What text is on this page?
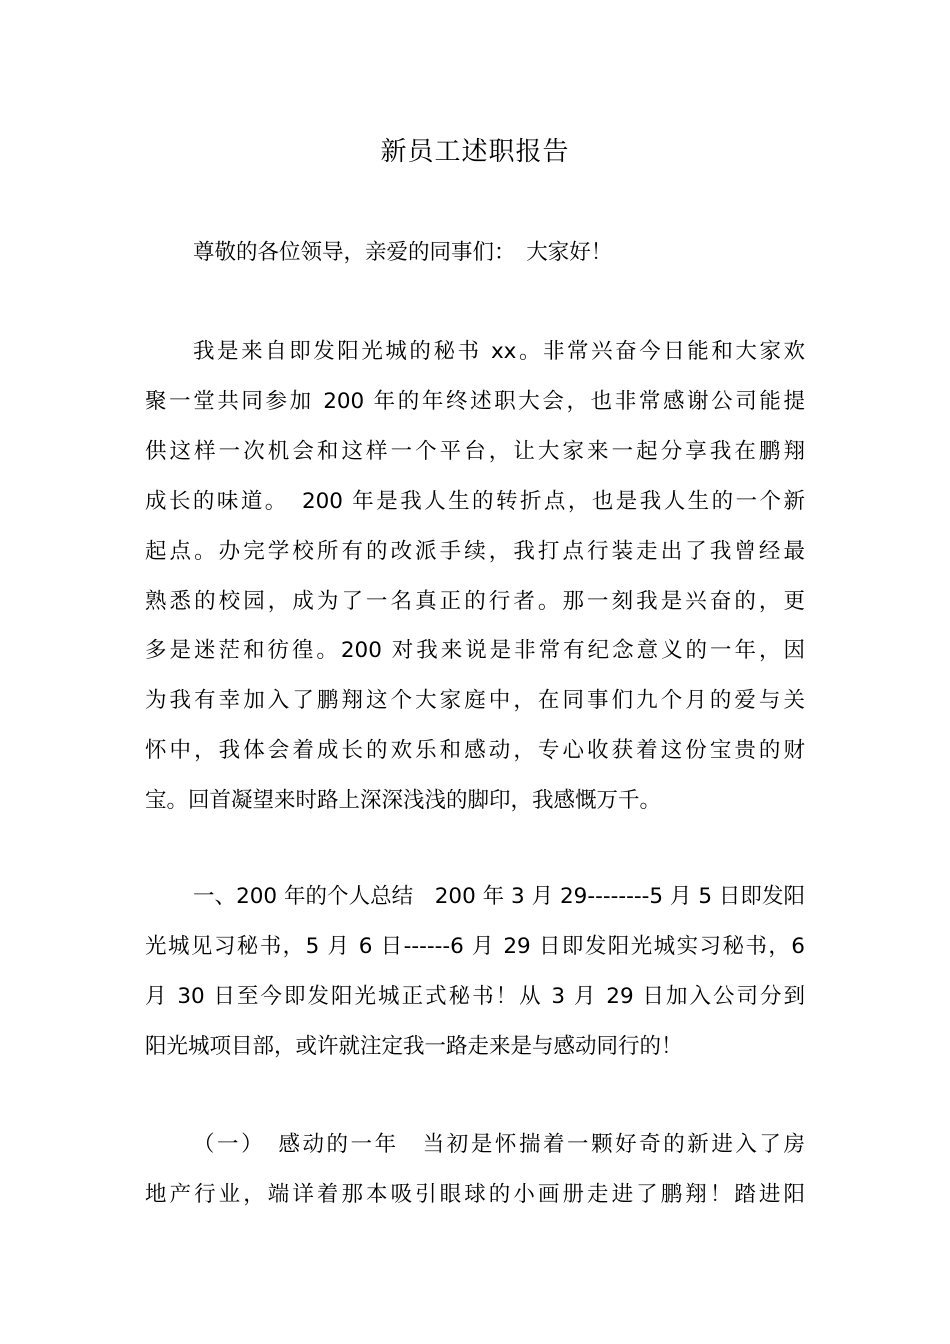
新员工述职报告
尊敬的各位领导，亲爱的同事们：　大家好！
我是来自即发阳光城的秘书 xx。非常兴奋今日能和大家欢
聚一堂共同参加 200 年的年终述职大会，也非常感谢公司能提
供这样一次机会和这样一个平台，让大家来一起分享我在鹏翔
成长的味道。　200 年是我人生的转折点，也是我人生的一个新
起点。办完学校所有的改派手续，我打点行装走出了我曾经最
熟悉的校园，成为了一名真正的行者。那一刻我是兴奋的，更
多是迷茫和彷徨。200 对我来说是非常有纪念意义的一年，因
为我有幸加入了鹏翔这个大家庭中，在同事们九个月的爱与关
怀中，我体会着成长的欢乐和感动，专心收获着这份宝贵的财
宝。回首凝望来时路上深深浅浅的脚印，我感慨万千。
一、200 年的个人总结　200 年 3 月 29--------5 月 5 日即发阳
光城见习秘书，5 月 6 日------6 月 29 日即发阳光城实习秘书，6
月 30 日至今即发阳光城正式秘书！从 3 月 29 日加入公司分到
阳光城项目部，或许就注定我一路走来是与感动同行的！
（一）　感动的一年　当初是怀揣着一颗好奇的新进入了房
地产行业，端详着那本吸引眼球的小画册走进了鹏翔！踏进阳
